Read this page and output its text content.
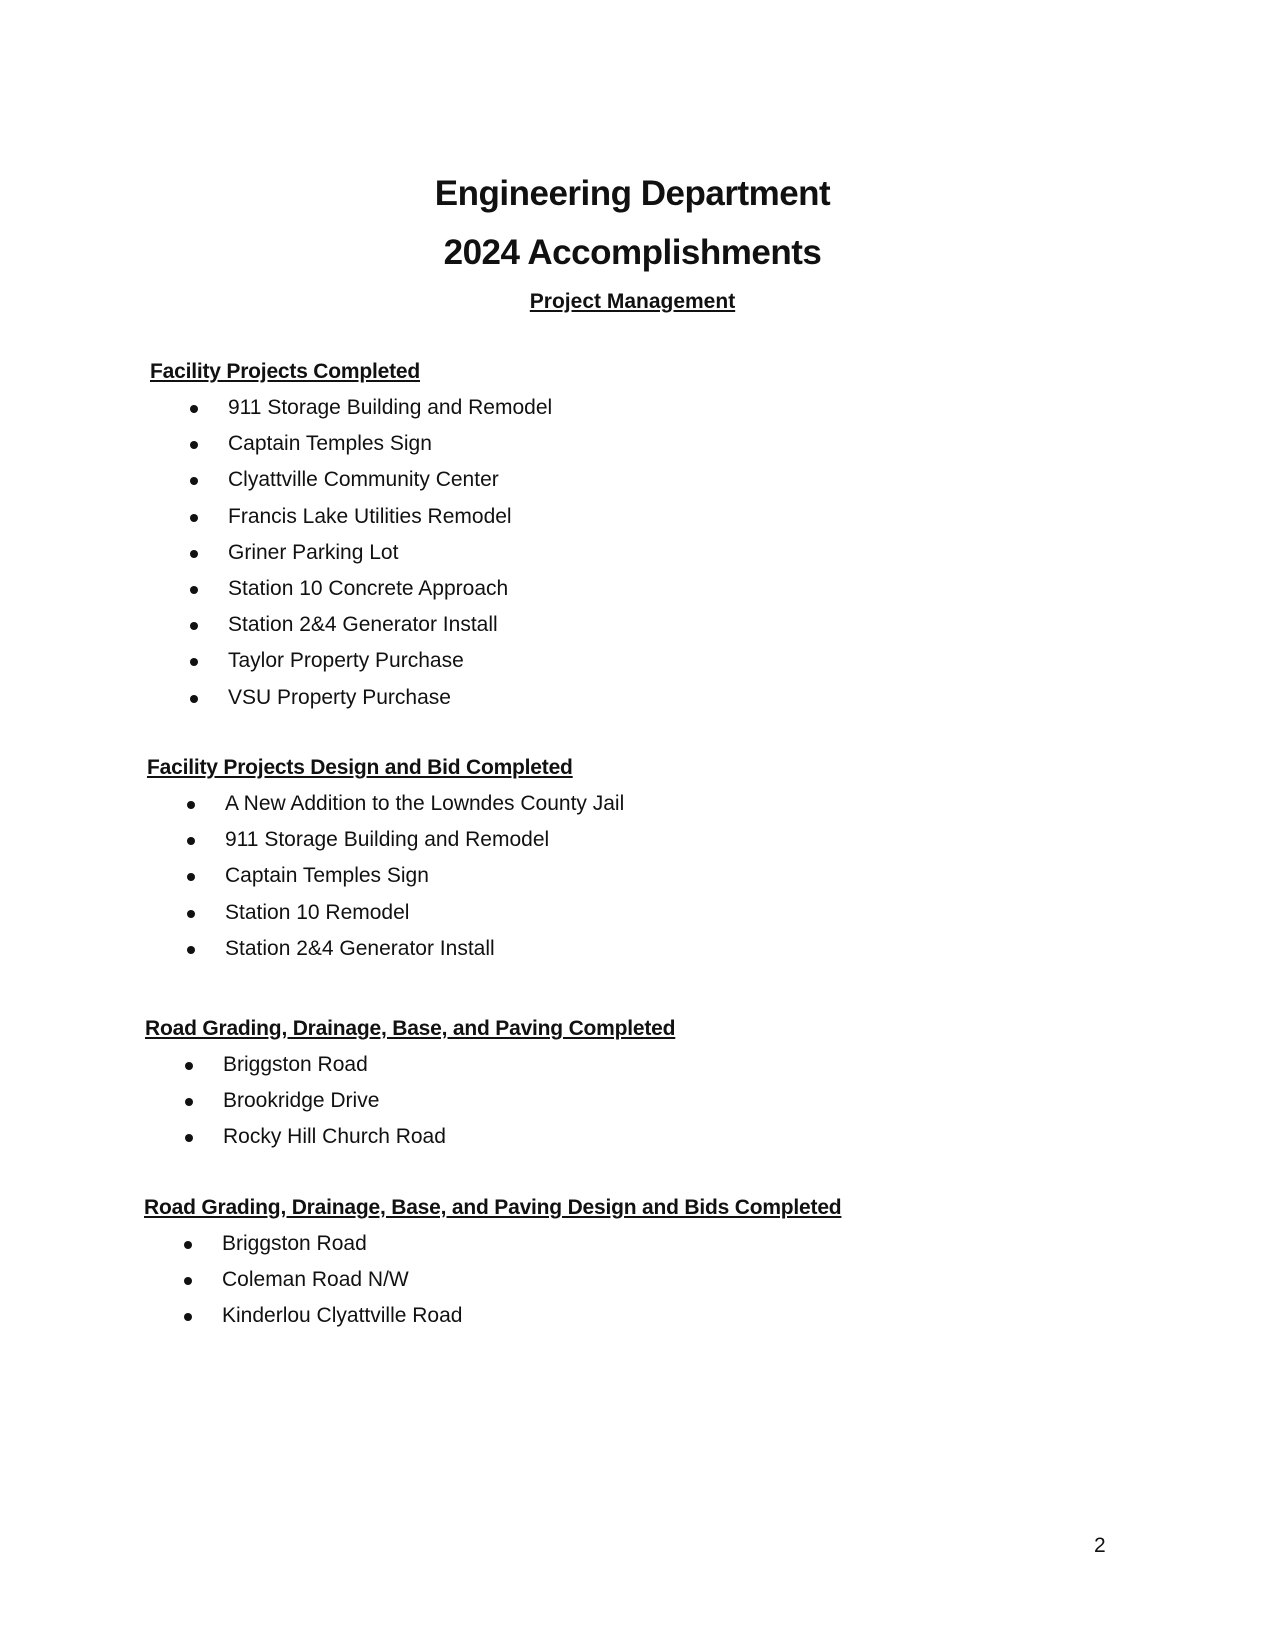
Engineering Department
2024 Accomplishments
Project Management
Facility Projects Completed
911 Storage Building and Remodel
Captain Temples Sign
Clyattville Community Center
Francis Lake Utilities Remodel
Griner Parking Lot
Station 10 Concrete Approach
Station 2&4 Generator Install
Taylor Property Purchase
VSU Property Purchase
Facility Projects Design and Bid Completed
A New Addition to the Lowndes County Jail
911 Storage Building and Remodel
Captain Temples Sign
Station 10 Remodel
Station 2&4 Generator Install
Road Grading, Drainage, Base, and Paving Completed
Briggston Road
Brookridge Drive
Rocky Hill Church Road
Road Grading, Drainage, Base, and Paving Design and Bids Completed
Briggston Road
Coleman Road N/W
Kinderlou Clyattville Road
2
